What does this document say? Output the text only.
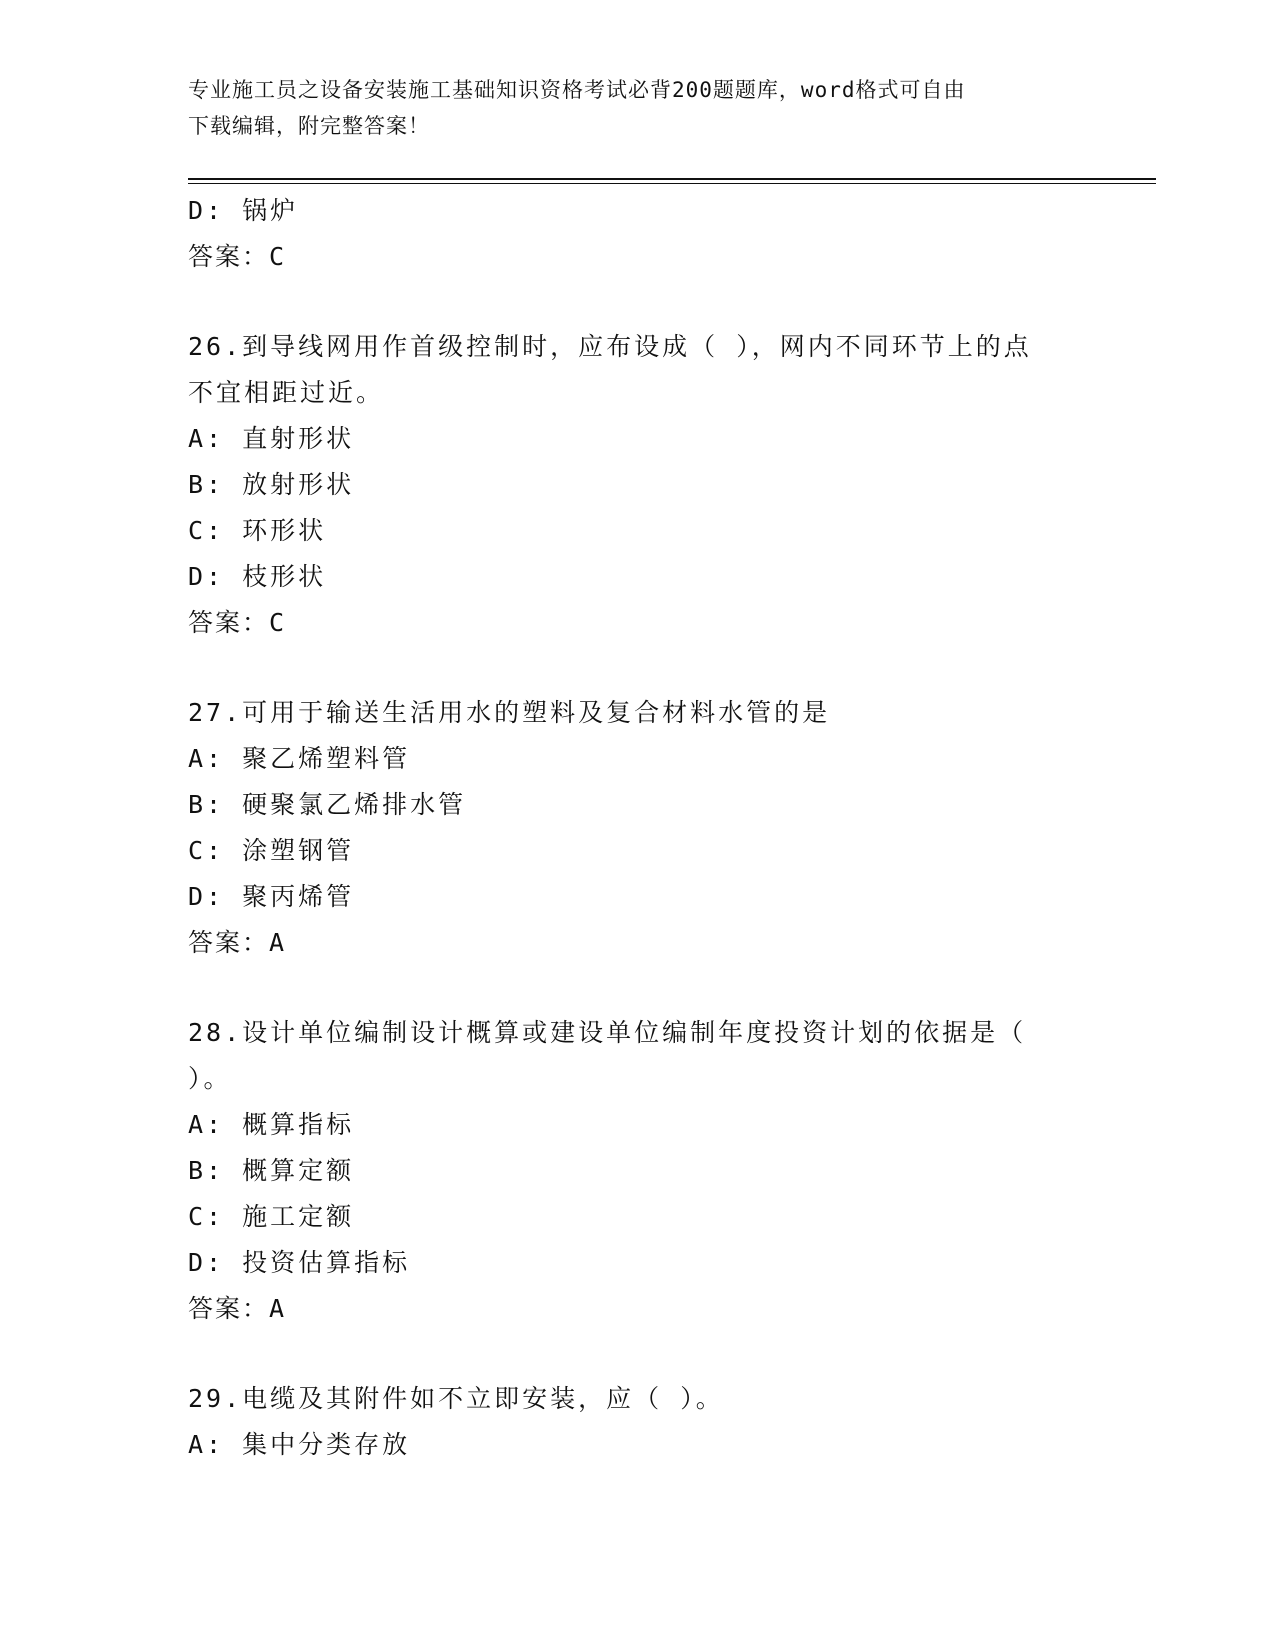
专业施工员之设备安装施工基础知识资格考试必背200题题库，word格式可自由
下载编辑，附完整答案！
D: 锅炉
答案：C
26.到导线网用作首级控制时，应布设成（ ），网内不同环节上的点
不宜相距过近。
A: 直射形状
B: 放射形状
C: 环形状
D: 枝形状
答案：C
27.可用于输送生活用水的塑料及复合材料水管的是
A: 聚乙烯塑料管
B: 硬聚氯乙烯排水管
C: 涂塑钢管
D: 聚丙烯管
答案：A
28.设计单位编制设计概算或建设单位编制年度投资计划的依据是（
）。
A: 概算指标
B: 概算定额
C: 施工定额
D: 投资估算指标
答案：A
29.电缆及其附件如不立即安装，应（ ）。
A: 集中分类存放
